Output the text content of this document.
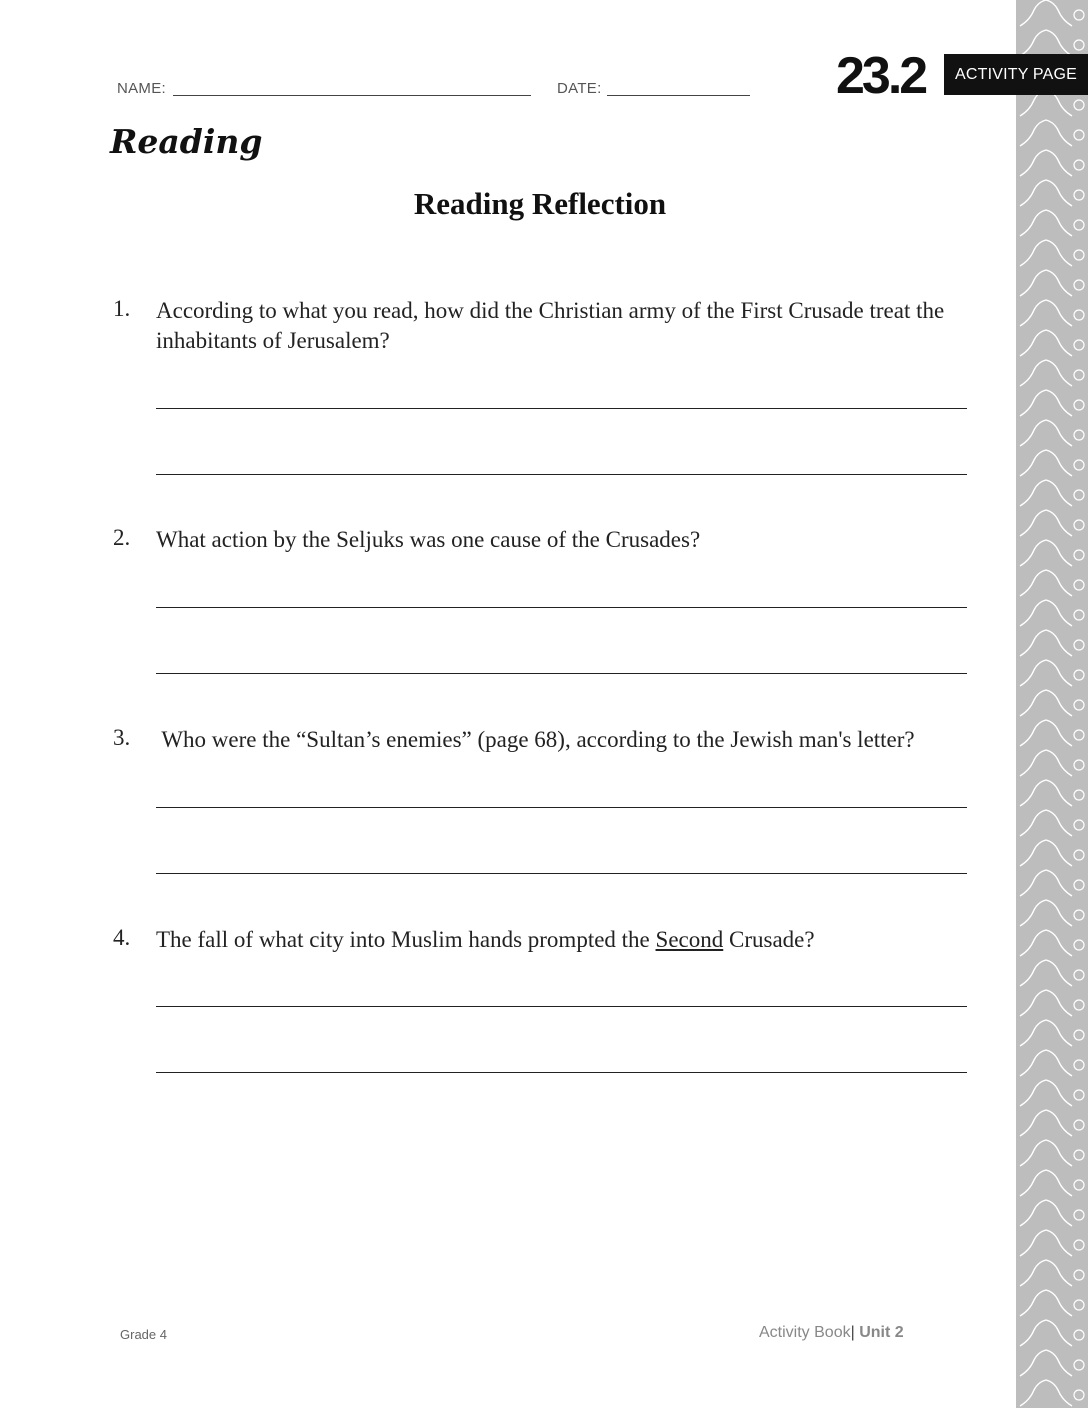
NAME:	DATE:	23.2	ACTIVITY PAGE
Reading
Reading Reflection
1. According to what you read, how did the Christian army of the First Crusade treat the inhabitants of Jerusalem?
2. What action by the Seljuks was one cause of the Crusades?
3. Who were the “Sultan’s enemies” (page 68), according to the Jewish man's letter?
4. The fall of what city into Muslim hands prompted the Second Crusade?
Grade 4	Activity Book| Unit 2
